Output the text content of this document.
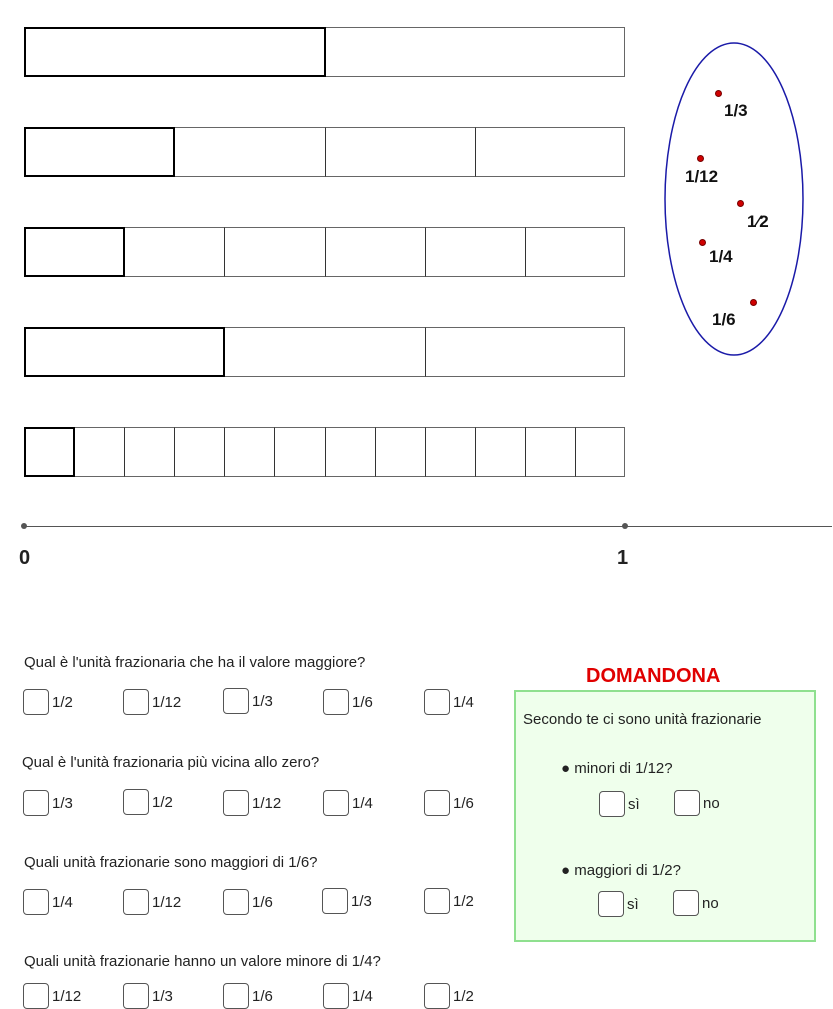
0	1
1/3
1/12
1⁄2
1/4
1/6
Qual è l'unità frazionaria che ha il valore maggiore?
1/2	1/12	1/3	1/6	1/4
Qual è l'unità frazionaria più vicina allo zero?
1/3	1/2	1/12	1/4	1/6
Quali unità frazionarie sono maggiori di 1/6?
1/4	1/12	1/6	1/3	1/2
Quali unità frazionarie hanno un valore minore di 1/4?
1/12	1/3	1/6	1/4	1/2
DOMANDONA
Secondo te ci sono unità frazionarie
● minori di 1/12?
sì	no
● maggiori di 1/2?
sì	no
